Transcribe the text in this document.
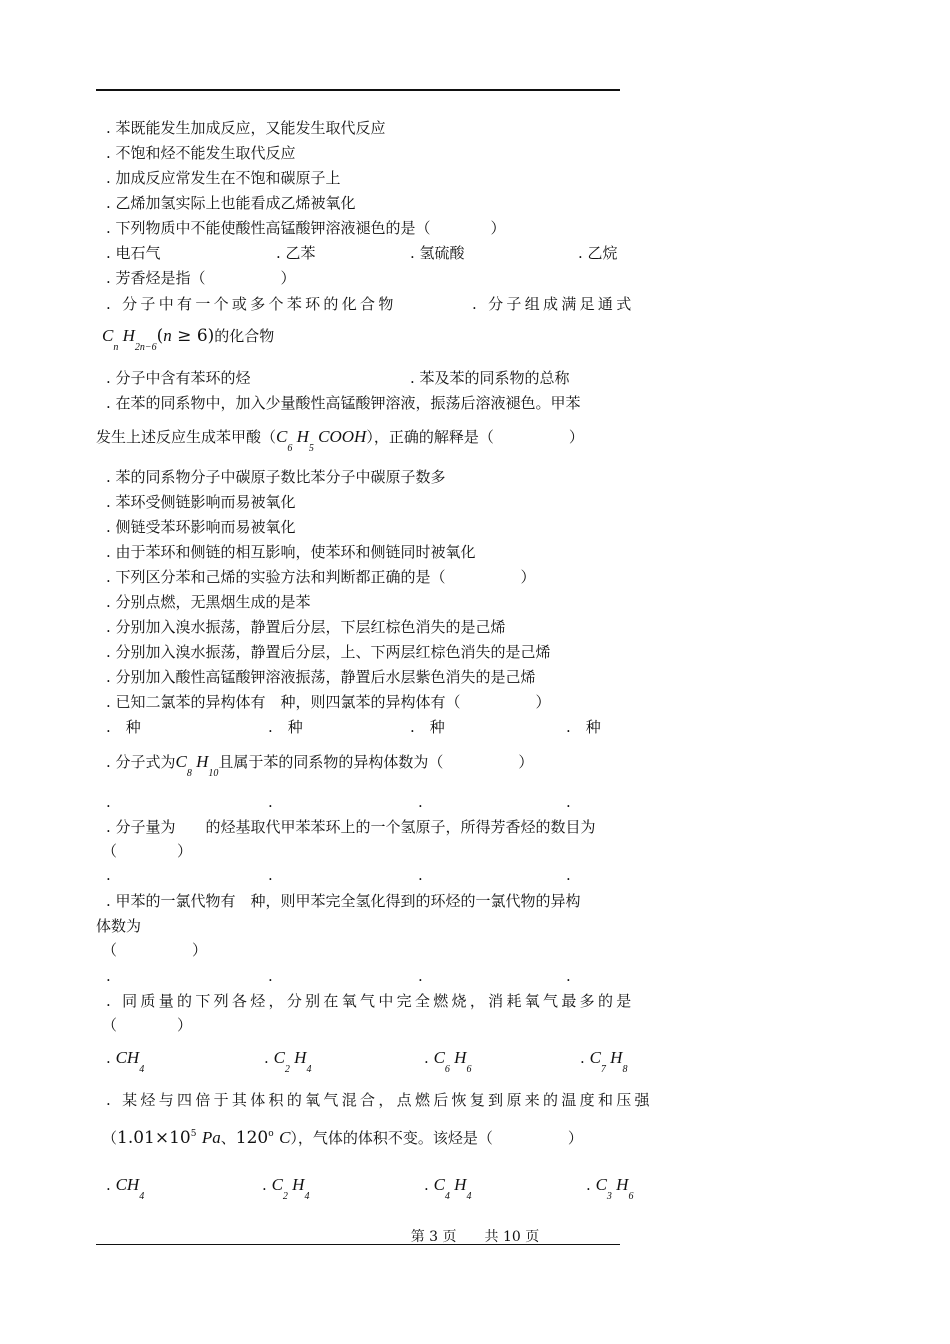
. 苯既能发生加成反应，又能发生取代反应
. 不饱和烃不能发生取代反应
. 加成反应常发生在不饱和碳原子上
. 乙烯加氢实际上也能看成乙烯被氧化
. 下列物质中不能使酸性高锰酸钾溶液褪色的是（　　　　）
. 电石气	. 乙苯	. 氢硫酸	. 乙烷
. 芳香烃是指（　　　　　）
. 分子中有一个或多个苯环的化合物	. 分子组成满足通式
$C_n$ $H_{2n-6}(n \ge 6)$的化合物
. 分子中含有苯环的烃	. 苯及苯的同系物的总称
. 在苯的同系物中，加入少量酸性高锰酸钾溶液，振荡后溶液褪色。甲苯
发生上述反应生成苯甲酸（$C_6$ $H_5$ COOH），正确的解释是（　　　　　）
. 苯的同系物分子中碳原子数比苯分子中碳原子数多
. 苯环受侧链影响而易被氧化
. 侧链受苯环影响而易被氧化
. 由于苯环和侧链的相互影响，使苯环和侧链同时被氧化
. 下列区分苯和己烯的实验方法和判断都正确的是（　　　　　）
. 分别点燃，无黑烟生成的是苯
. 分别加入溴水振荡，静置后分层，下层红棕色消失的是己烯
. 分别加入溴水振荡，静置后分层，上、下两层红棕色消失的是己烯
. 分别加入酸性高锰酸钾溶液振荡，静置后水层紫色消失的是己烯
. 已知二氯苯的异构体有　种，则四氯苯的异构体有（　　　　　）
.　种	.　种	.　种	.　种
. 分子式为$C_8$ $H_{10}$且属于苯的同系物的异构体数为（　　　　　）
.	.	.	.
. 分子量为　　的烃基取代甲苯苯环上的一个氢原子，所得芳香烃的数目为
（　　　　）
.	.	.	.
. 甲苯的一氯代物有　种，则甲苯完全氢化得到的环烃的一氯代物的异构
体数为
（　　　　　）
.	.	.	.
. 同质量的下列各烃，分别在氧气中完全燃烧，消耗氧气最多的是
（　　　　）
. $CH_4$
. $C_2$ $H_4$
. $C_6$ $H_6$
. $C_7$ $H_8$
. 某烃与四倍于其体积的氧气混合，点燃后恢复到原来的温度和压强
（$1.01\times 10^5$ Pa、120$^o$ C），气体的体积不变。该烃是（　　　　　）
. $CH_4$
. $C_2$ $H_4$
. $C_4$ $H_4$
. $C_3$ $H_6$
第 3 页　　共 10 页
